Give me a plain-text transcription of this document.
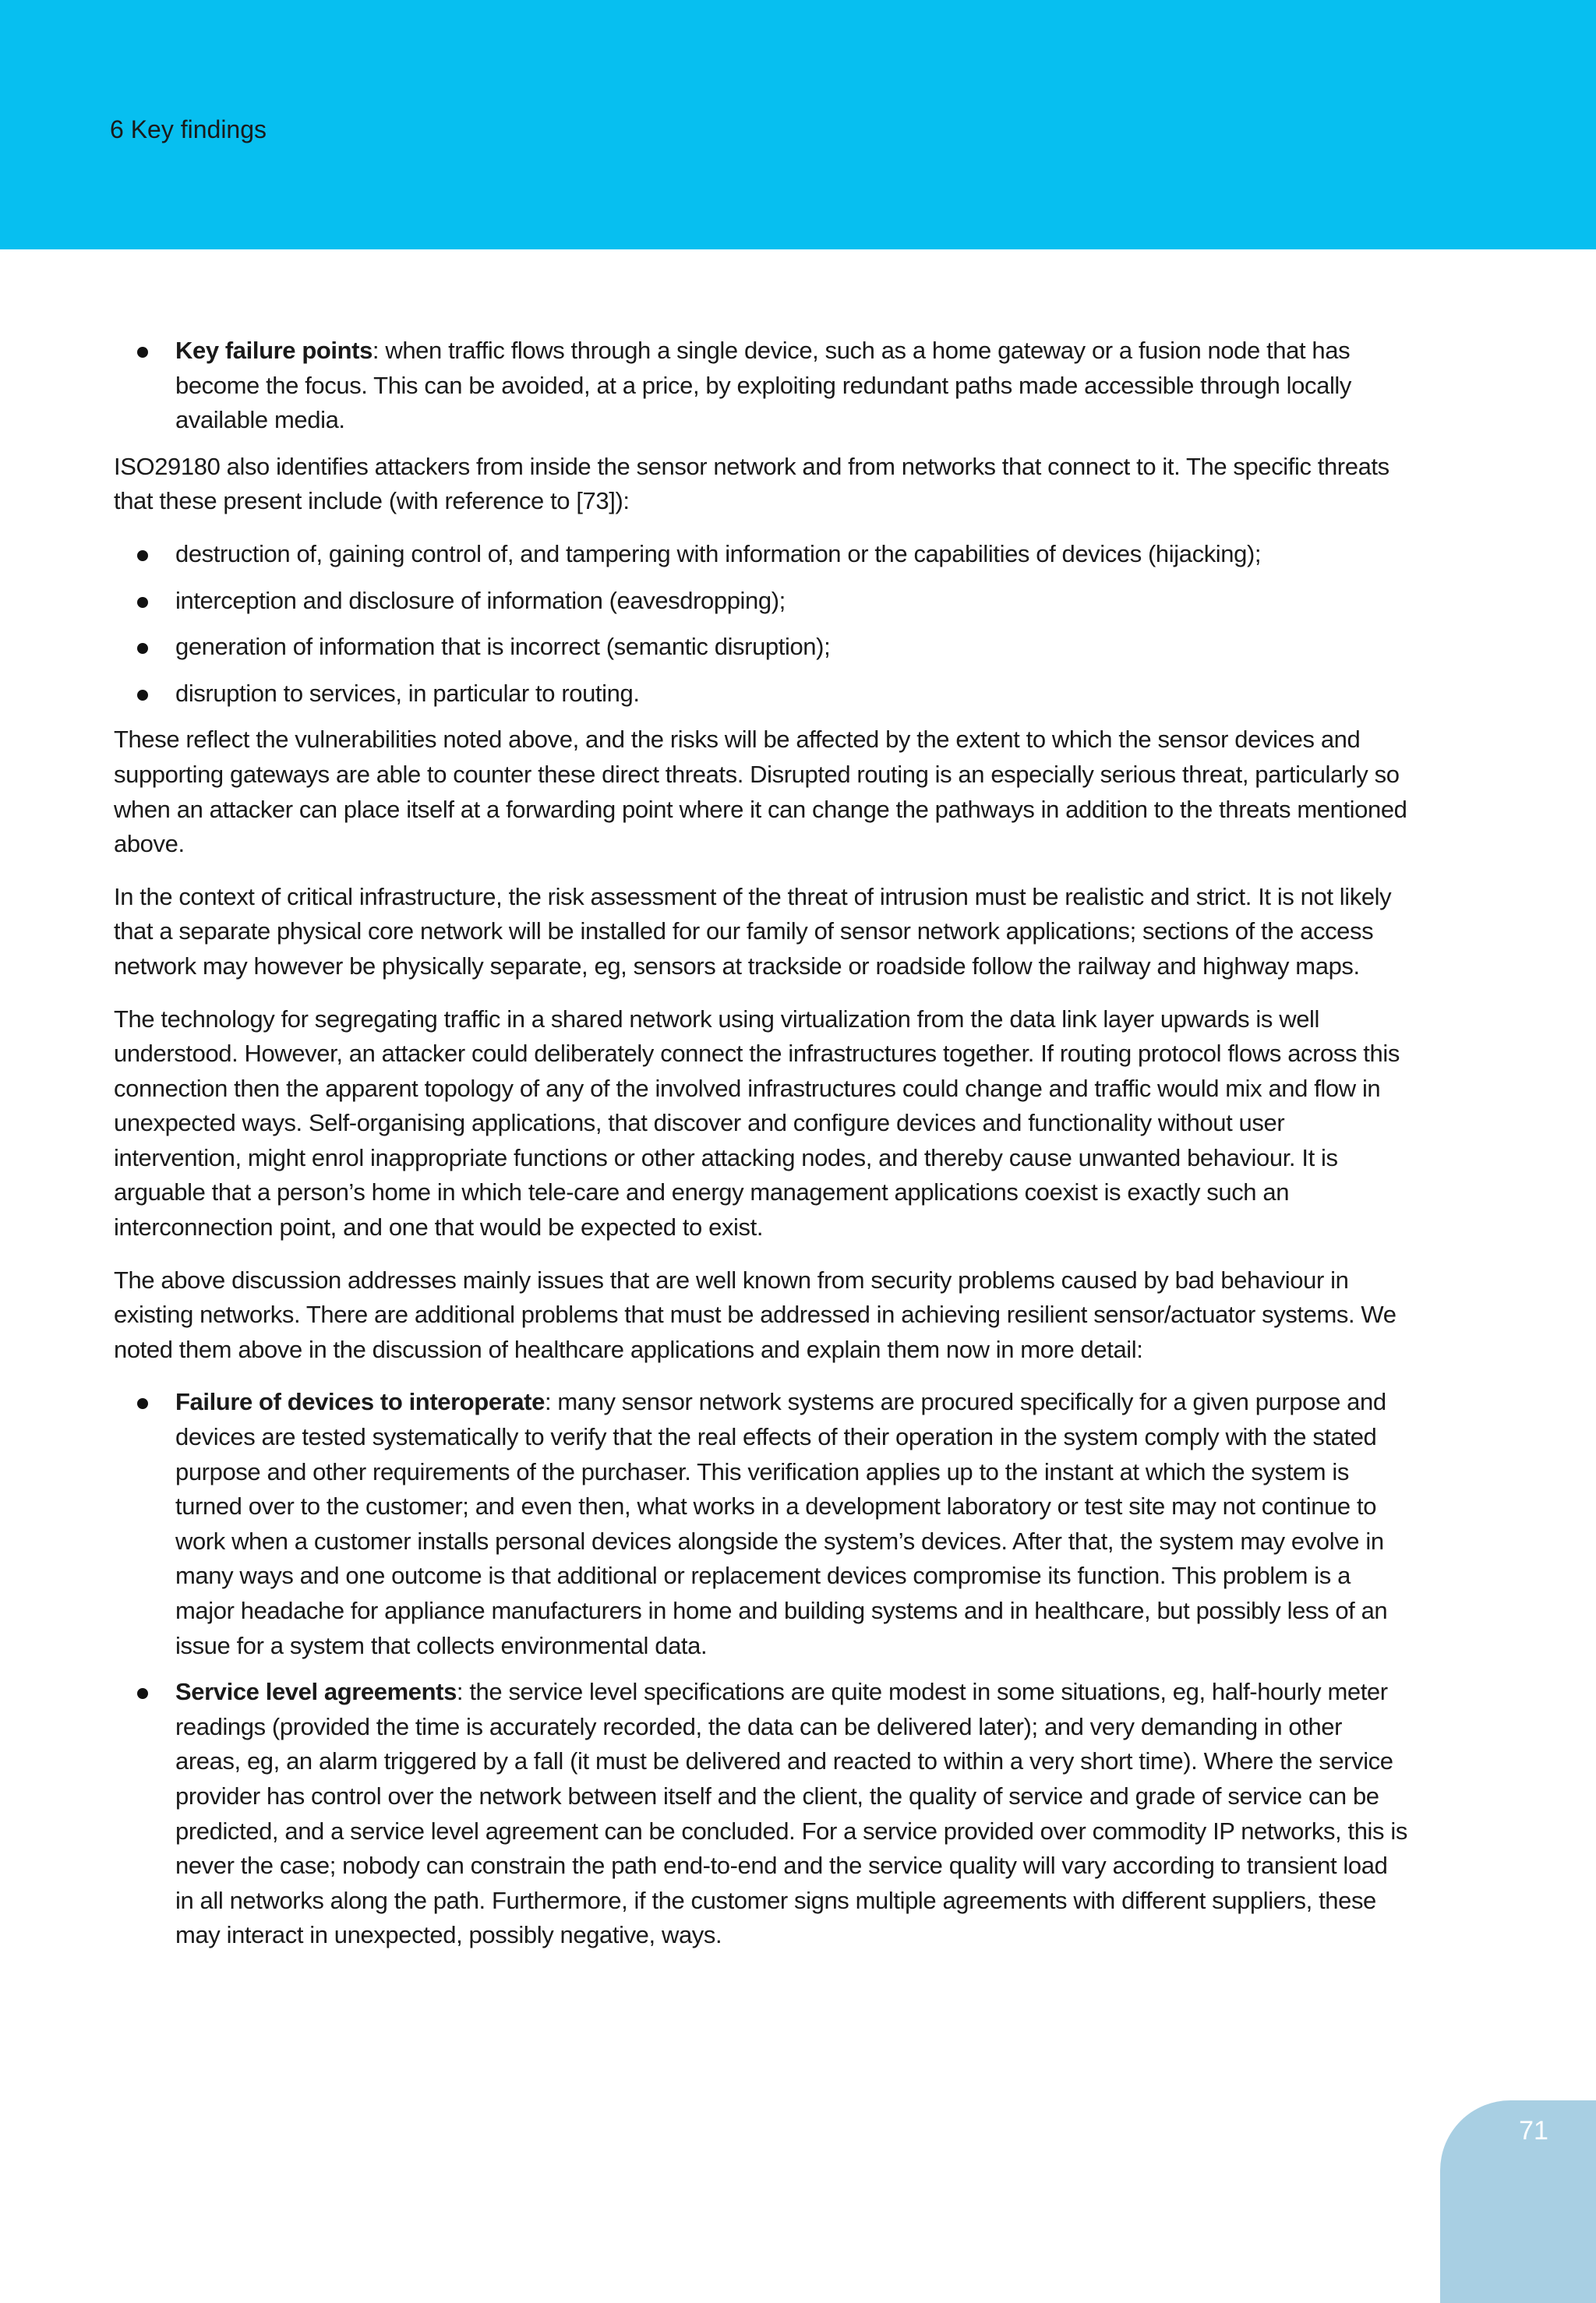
6 Key findings
Key failure points: when traffic flows through a single device, such as a home gateway or a fusion node that has become the focus. This can be avoided, at a price, by exploiting redundant paths made accessible through locally available media.

ISO29180 also identifies attackers from inside the sensor network and from networks that connect to it. The specific threats that these present include (with reference to [73]):

destruction of, gaining control of, and tampering with information or the capabilities of devices (hijacking);
interception and disclosure of information (eavesdropping);
generation of information that is incorrect (semantic disruption);
disruption to services, in particular to routing.

These reflect the vulnerabilities noted above, and the risks will be affected by the extent to which the sensor devices and supporting gateways are able to counter these direct threats. Disrupted routing is an especially serious threat, particularly so when an attacker can place itself at a forwarding point where it can change the pathways in addition to the threats mentioned above.

In the context of critical infrastructure, the risk assessment of the threat of intrusion must be realistic and strict. It is not likely that a separate physical core network will be installed for our family of sensor network applications; sections of the access network may however be physically separate, eg, sensors at trackside or roadside follow the railway and highway maps.

The technology for segregating traffic in a shared network using virtualization from the data link layer upwards is well understood. However, an attacker could deliberately connect the infrastructures together. If routing protocol flows across this connection then the apparent topology of any of the involved infrastructures could change and traffic would mix and flow in unexpected ways. Self-organising applications, that discover and configure devices and functionality without user intervention, might enrol inappropriate functions or other attacking nodes, and thereby cause unwanted behaviour. It is arguable that a person’s home in which tele-care and energy management applications coexist is exactly such an interconnection point, and one that would be expected to exist.

The above discussion addresses mainly issues that are well known from security problems caused by bad behaviour in existing networks. There are additional problems that must be addressed in achieving resilient sensor/actuator systems. We noted them above in the discussion of healthcare applications and explain them now in more detail:

Failure of devices to interoperate: many sensor network systems are procured specifically for a given purpose and devices are tested systematically to verify that the real effects of their operation in the system comply with the stated purpose and other requirements of the purchaser. This verification applies up to the instant at which the system is turned over to the customer; and even then, what works in a development laboratory or test site may not continue to work when a customer installs personal devices alongside the system’s devices. After that, the system may evolve in many ways and one outcome is that additional or replacement devices compromise its function. This problem is a major headache for appliance manufacturers in home and building systems and in healthcare, but possibly less of an issue for a system that collects environmental data.
Service level agreements: the service level specifications are quite modest in some situations, eg, half-hourly meter readings (provided the time is accurately recorded, the data can be delivered later); and very demanding in other areas, eg, an alarm triggered by a fall (it must be delivered and reacted to within a very short time). Where the service provider has control over the network between itself and the client, the quality of service and grade of service can be predicted, and a service level agreement can be concluded. For a service provided over commodity IP networks, this is never the case; nobody can constrain the path end-to-end and the service quality will vary according to transient load in all networks along the path. Furthermore, if the customer signs multiple agreements with different suppliers, these may interact in unexpected, possibly negative, ways.
71
